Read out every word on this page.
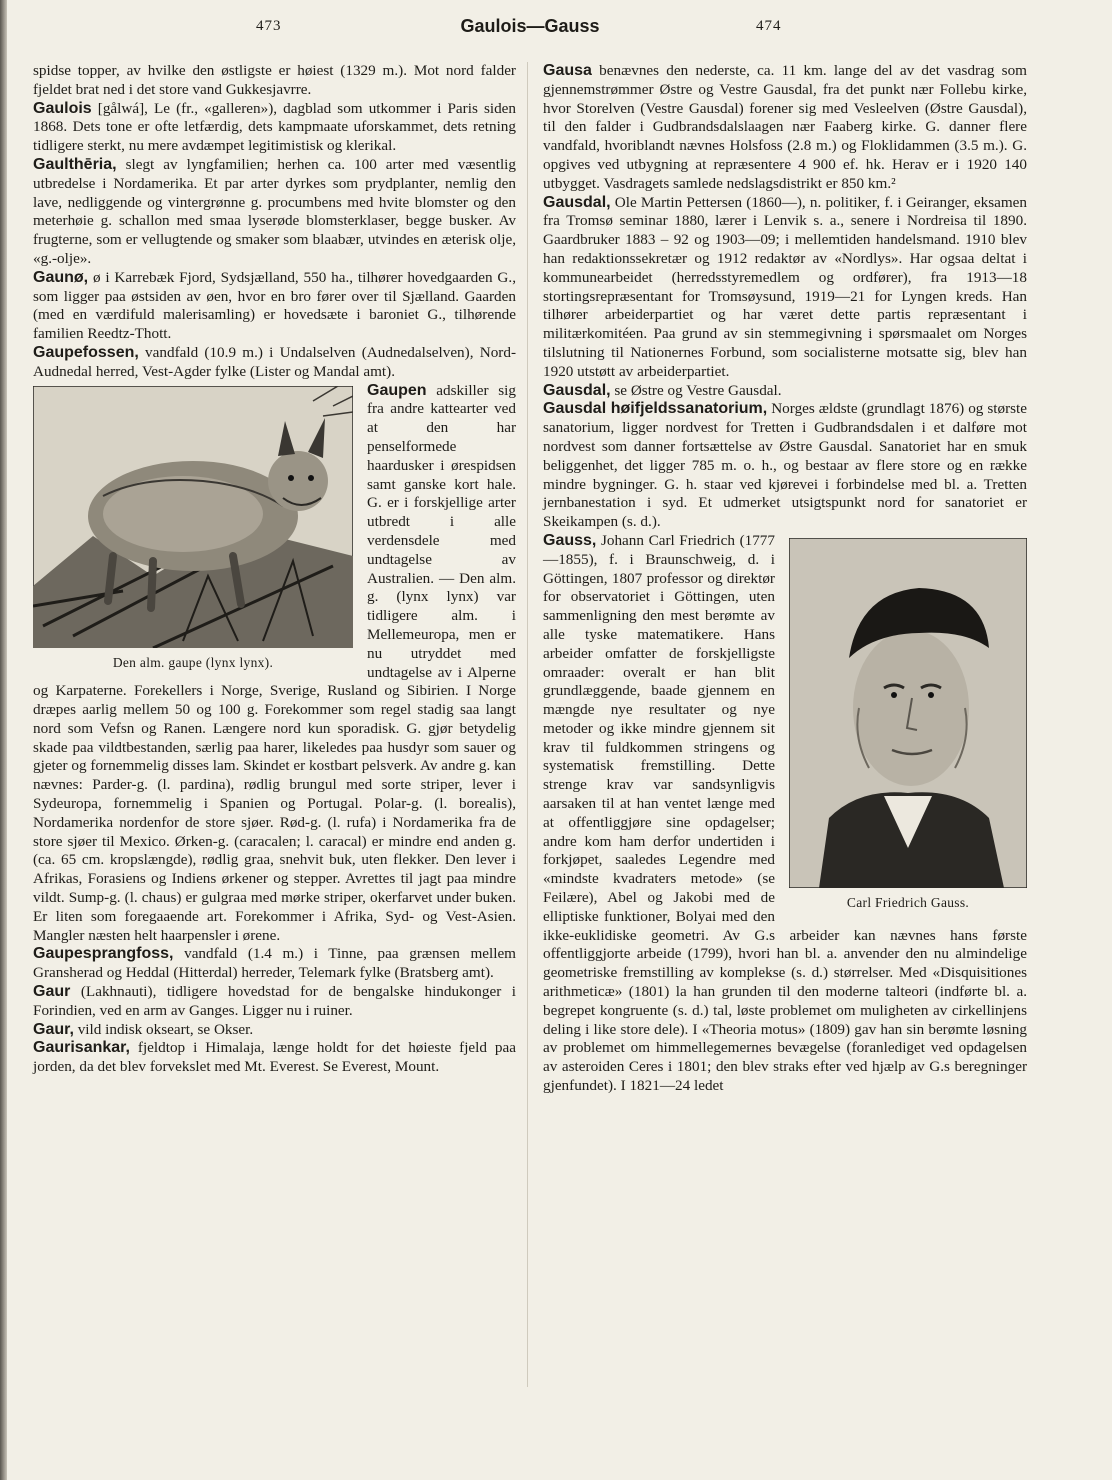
473	Gaulois—Gauss	474

spidse topper, av hvilke den østligste er høiest (1329 m.). Mot nord falder fjeldet brat ned i det store vand Gukkesjavrre.

Gaulois [gålwá], Le (fr., «galleren»), dagblad som utkommer i Paris siden 1868. Dets tone er ofte letfærdig, dets kampmaate uforskammet, dets retning tidligere sterkt, nu mere avdæmpet legitimistisk og klerikal.

Gaulthēria, slegt av lyngfamilien; herhen ca. 100 arter med væsentlig utbredelse i Nordamerika. Et par arter dyrkes som prydplanter, nemlig den lave, nedliggende og vintergrønne g. procumbens med hvite blomster og den meterhøie g. schallon med smaa lyserøde blomsterklaser, begge busker. Av frugterne, som er vellugtende og smaker som blaabær, utvindes en æterisk olje, «g.-olje».

Gaunø, ø i Karrebæk Fjord, Sydsjælland, 550 ha., tilhører hovedgaarden G., som ligger paa østsiden av øen, hvor en bro fører over til Sjælland. Gaarden (med en værdifuld malerisamling) er hovedsæte i baroniet G., tilhørende familien Reedtz-Thott.

Gaupefossen, vandfald (10.9 m.) i Undalselven (Audnedalselven), Nord-Audnedal herred, Vest-Agder fylke (Lister og Mandal amt).

Den alm. gaupe (lynx lynx).

Gaupen adskiller sig fra andre kattearter ved at den har penselformede haardusker i ørespidsen samt ganske kort hale. G. er i forskjellige arter utbredt i alle verdensdele med undtagelse av Australien. — Den alm. g. (lynx lynx) var tidligere alm. i Mellemeuropa, men er nu utryddet med undtagelse av i Alperne og Karpaterne. Forekellers i Norge, Sverige, Rusland og Sibirien. I Norge dræpes aarlig mellem 50 og 100 g. Forekommer som regel stadig saa langt nord som Vefsn og Ranen. Længere nord kun sporadisk. G. gjør betydelig skade paa vildtbestanden, særlig paa harer, likeledes paa husdyr som sauer og gjeter og fornemmelig disses lam. Skindet er kostbart pelsverk. Av andre g. kan nævnes: Parder-g. (l. pardina), rødlig brungul med sorte striper, lever i Sydeuropa, fornemmelig i Spanien og Portugal. Polar-g. (l. borealis), Nordamerika nordenfor de store sjøer. Rød-g. (l. rufa) i Nordamerika fra de store sjøer til Mexico. Ørken-g. (caracalen; l. caracal) er mindre end anden g. (ca. 65 cm. kropslængde), rødlig graa, snehvit buk, uten flekker. Den lever i Afrikas, Forasiens og Indiens ørkener og stepper. Avrettes til jagt paa mindre vildt. Sump-g. (l. chaus) er gulgraa med mørke striper, okerfarvet under buken. Er liten som foregaaende art. Forekommer i Afrika, Syd- og Vest-Asien. Mangler næsten helt haarpensler i ørene.

Gaupesprangfoss, vandfald (1.4 m.) i Tinne, paa grænsen mellem Gransherad og Heddal (Hitterdal) herreder, Telemark fylke (Bratsberg amt).

Gaur (Lakhnauti), tidligere hovedstad for de bengalske hindukonger i Forindien, ved en arm av Ganges. Ligger nu i ruiner.

Gaur, vild indisk okseart, se Okser.

Gaurisankar, fjeldtop i Himalaja, længe holdt for det høieste fjeld paa jorden, da det blev forvekslet med Mt. Everest. Se Everest, Mount.

Gausa benævnes den nederste, ca. 11 km. lange del av det vasdrag som gjennemstrømmer Østre og Vestre Gausdal, fra det punkt nær Follebu kirke, hvor Storelven (Vestre Gausdal) forener sig med Vesleelven (Østre Gausdal), til den falder i Gudbrandsdalslaagen nær Faaberg kirke. G. danner flere vandfald, hvoriblandt nævnes Holsfoss (2.8 m.) og Floklidammen (3.5 m.). G. opgives ved utbygning at repræsentere 4 900 ef. hk. Herav er i 1920 140 utbygget. Vasdragets samlede nedslagsdistrikt er 850 km.²

Gausdal, Ole Martin Pettersen (1860—), n. politiker, f. i Geiranger, eksamen fra Tromsø seminar 1880, lærer i Lenvik s. a., senere i Nordreisa til 1890. Gaardbruker 1883 – 92 og 1903—09; i mellemtiden handelsmand. 1910 blev han redaktionssekretær og 1912 redaktør av «Nordlys». Har ogsaa deltat i kommunearbeidet (herredsstyremedlem og ordfører), fra 1913—18 stortingsrepræsentant for Tromsøysund, 1919—21 for Lyngen kreds. Han tilhører arbeiderpartiet og har været dette partis repræsentant i militærkomitéen. Paa grund av sin stemmegivning i spørsmaalet om Norges tilslutning til Nationernes Forbund, som socialisterne motsatte sig, blev han 1920 utstøtt av arbeiderpartiet.

Gausdal, se Østre og Vestre Gausdal.

Gausdal høifjeldssanatorium, Norges ældste (grundlagt 1876) og største sanatorium, ligger nordvest for Tretten i Gudbrandsdalen i et dalføre mot nordvest som danner fortsættelse av Østre Gausdal. Sanatoriet har en smuk beliggenhet, det ligger 785 m. o. h., og bestaar av flere store og en række mindre bygninger. G. h. staar ved kjørevei i forbindelse med bl. a. Tretten jernbanestation i syd. Et udmerket utsigtspunkt nord for sanatoriet er Skeikampen (s. d.).

Carl Friedrich Gauss.

Gauss, Johann Carl Friedrich (1777—1855), f. i Braunschweig, d. i Göttingen, 1807 professor og direktør for observatoriet i Göttingen, uten sammenligning den mest berømte av alle tyske matematikere. Hans arbeider omfatter de forskjelligste omraader: overalt er han blit grundlæggende, baade gjennem en mængde nye resultater og nye metoder og ikke mindre gjennem sit krav til fuldkommen stringens og systematisk fremstilling. Dette strenge krav var sandsynligvis aarsaken til at han ventet længe med at offentliggjøre sine opdagelser; andre kom ham derfor undertiden i forkjøpet, saaledes Legendre med «mindste kvadraters metode» (se Feilære), Abel og Jakobi med de elliptiske funktioner, Bolyai med den ikke-euklidiske geometri. Av G.s arbeider kan nævnes hans første offentliggjorte arbeide (1799), hvori han bl. a. anvender den nu almindelige geometriske fremstilling av komplekse (s. d.) størrelser. Med «Disquisitiones arithmeticæ» (1801) la han grunden til den moderne talteori (indførte bl. a. begrepet kongruente (s. d.) tal, løste problemet om muligheten av cirkellinjens deling i like store dele). I «Theoria motus» (1809) gav han sin berømte løsning av problemet om himmellegemernes bevægelse (foranlediget ved opdagelsen av asteroiden Ceres i 1801; den blev straks efter ved hjælp av G.s beregninger gjenfundet). I 1821—24 ledet
